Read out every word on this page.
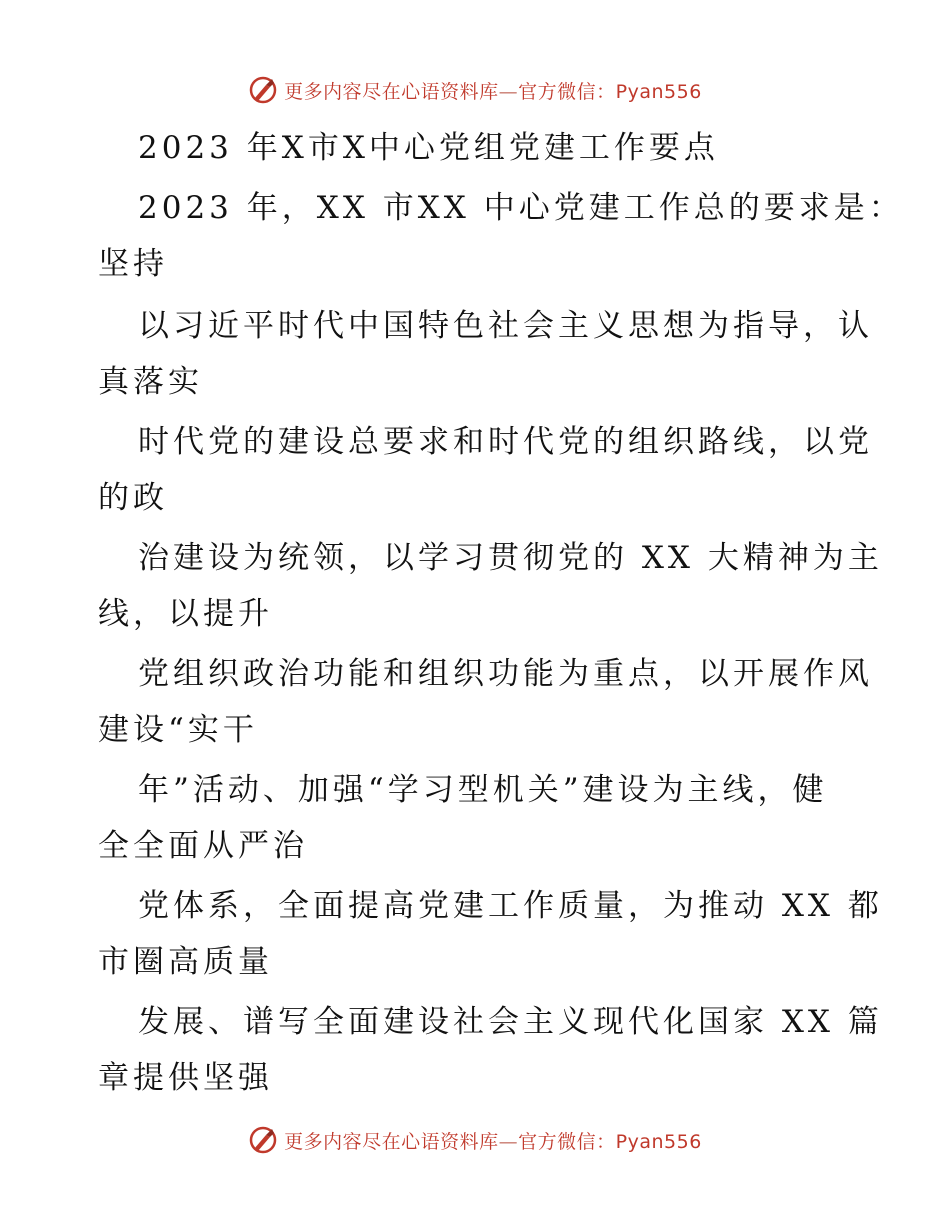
更多内容尽在心语资料库—官方微信：Pyan556
2023 年X市X中心党组党建工作要点
2023 年，XX 市XX 中心党建工作总的要求是：
坚持
以习近平时代中国特色社会主义思想为指导，认
真落实
时代党的建设总要求和时代党的组织路线，以党
的政
治建设为统领，以学习贯彻党的 XX 大精神为主
线，以提升
党组织政治功能和组织功能为重点，以开展作风
建设“实干
年”活动、加强“学习型机关”建设为主线，健
全全面从严治
党体系，全面提高党建工作质量，为推动 XX 都
市圈高质量
发展、谱写全面建设社会主义现代化国家 XX 篇
章提供坚强
更多内容尽在心语资料库—官方微信：Pyan556
